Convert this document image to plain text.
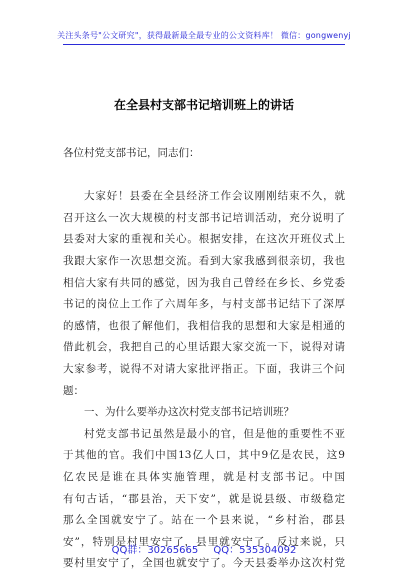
关注头条号"公文研究"，获得最新最全最专业的公文资料库！ 微信：gongwenyj
在全县村支部书记培训班上的讲话
各位村党支部书记，同志们：
大家好！县委在全县经济工作会议刚刚结束不久，就
召开这么一次大规模的村支部书记培训活动，充分说明了
县委对大家的重视和关心。根据安排，在这次开班仪式上
我跟大家作一次思想交流。看到大家我感到很亲切，我也
相信大家有共同的感觉，因为我自己曾经在乡长、乡党委
书记的岗位上工作了六周年多，与村支部书记结下了深厚
的感情，也很了解他们，我相信我的思想和大家是相通的
借此机会，我把自己的心里话跟大家交流一下，说得对请
大家参考，说得不对请大家批评指正。下面，我讲三个问
题：
一、为什么要举办这次村党支部书记培训班？
村党支部书记虽然是最小的官，但是他的重要性不亚
于其他的官。我们中国13亿人口，其中9亿是农民，这9
亿农民是谁在具体实施管理，就是村支部书记。中国
有句古话，“郡县治，天下安”，就是说县级、市级稳定
那么全国就安宁了。站在一个县来说，“乡村治，郡县
安”，特别是村里安宁了，县里就安宁了。反过来说，只
要村里安宁了，全国也就安宁了。今天县委举办这次村党
QQ群：30265665 QQ：535304092
